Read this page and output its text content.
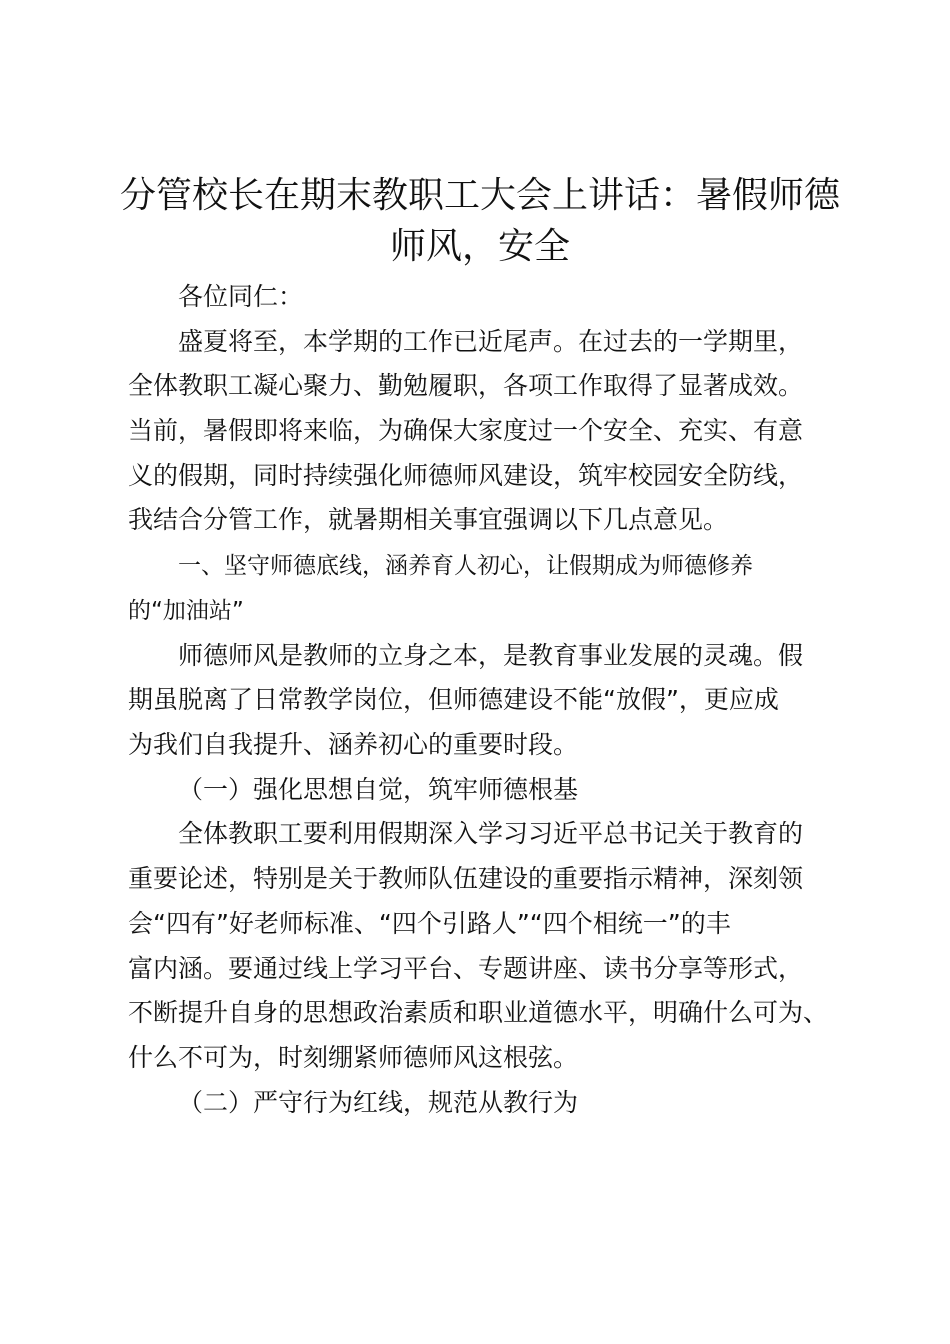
分管校长在期末教职工大会上讲话：暑假师德
师风，安全

各位同仁：

盛夏将至，本学期的工作已近尾声。在过去的一学期里，

全体教职工凝心聚力、勤勉履职，各项工作取得了显著成效。

当前，暑假即将来临，为确保大家度过一个安全、充实、有意

义的假期，同时持续强化师德师风建设，筑牢校园安全防线，

我结合分管工作，就暑期相关事宜强调以下几点意见。

一、坚守师德底线，涵养育人初心，让假期成为师德修养

的“加油站”

师德师风是教师的立身之本，是教育事业发展的灵魂。假

期虽脱离了日常教学岗位，但师德建设不能“放假”，更应成

为我们自我提升、涵养初心的重要时段。

（一）强化思想自觉，筑牢师德根基

全体教职工要利用假期深入学习习近平总书记关于教育的

重要论述，特别是关于教师队伍建设的重要指示精神，深刻领

会“四有”好老师标准、“四个引路人”“四个相统一”的丰

富内涵。要通过线上学习平台、专题讲座、读书分享等形式，

不断提升自身的思想政治素质和职业道德水平，明确什么可为、

什么不可为，时刻绷紧师德师风这根弦。

（二）严守行为红线，规范从教行为
